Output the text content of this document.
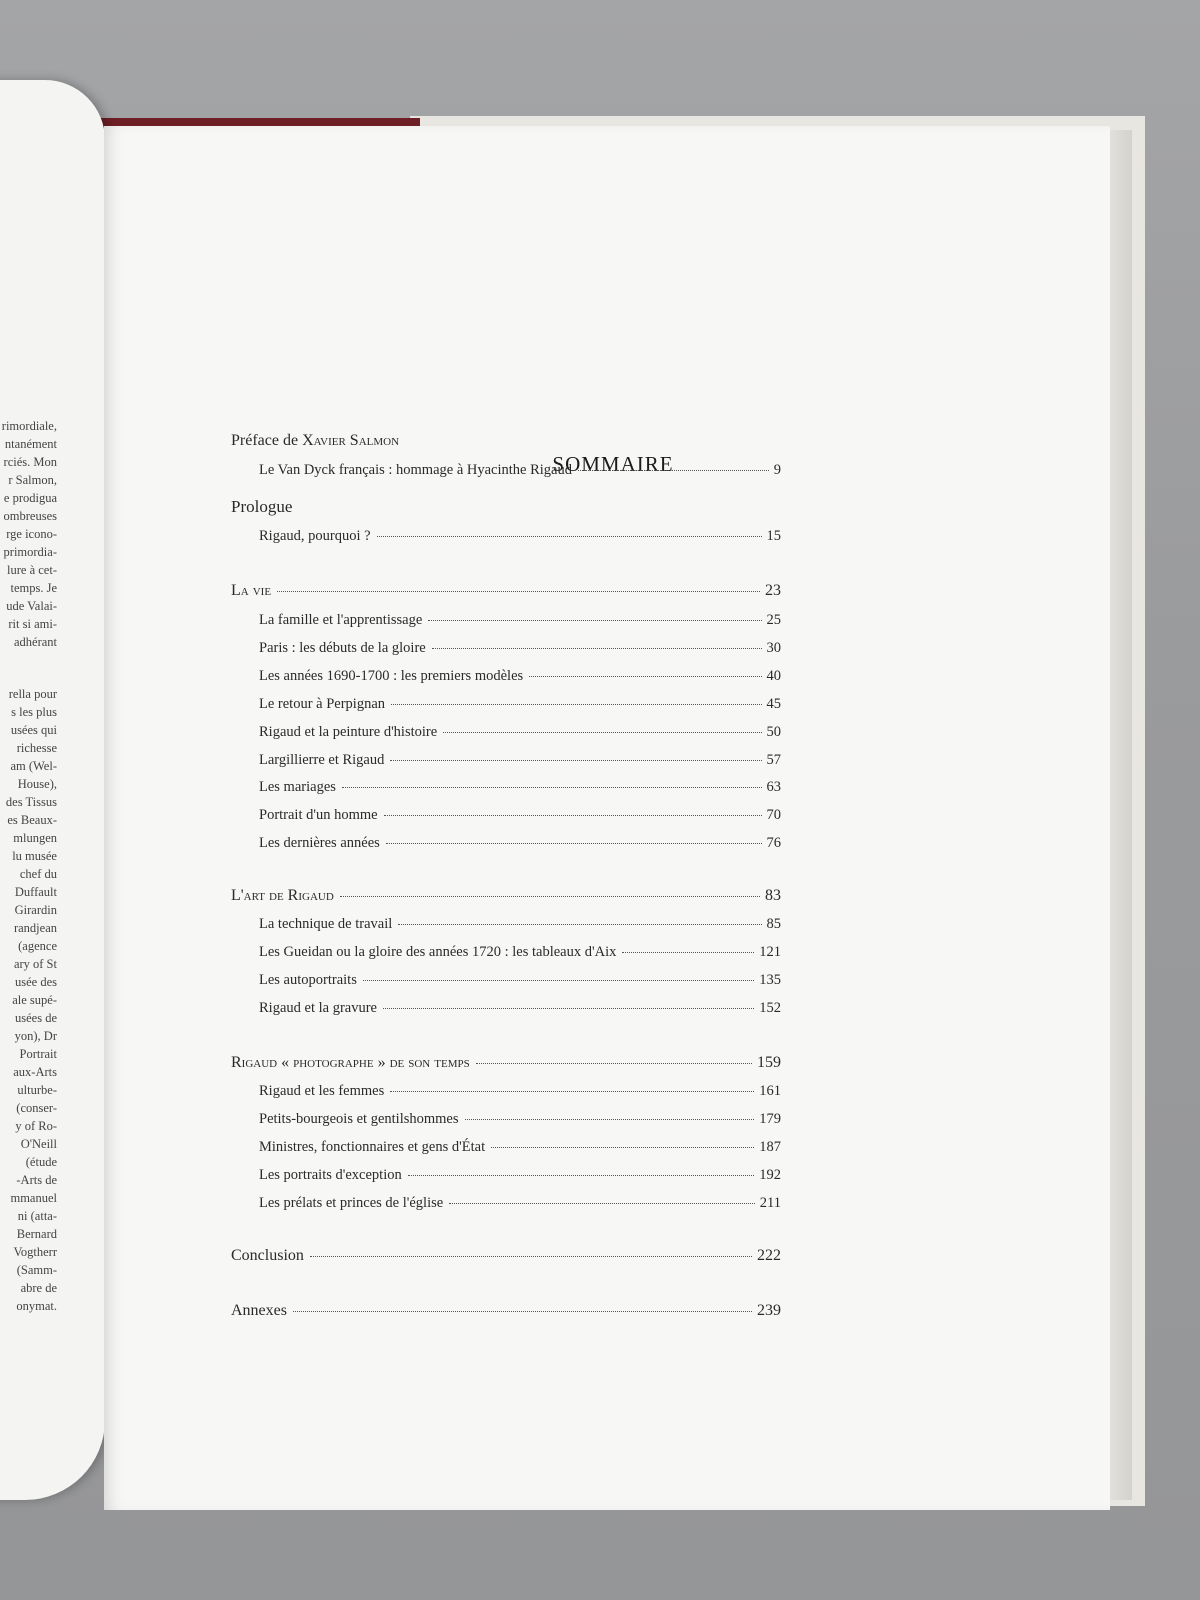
rimordiale,
ntanément
rciés. Mon
r Salmon,
e prodigua
ombreuses
rge icono-
primordia-
lure à cet-
temps. Je
ude Valai-
rit si ami-
adhérant
rella pour
s les plus
usées qui
richesse
am (Wel-
House),
des Tissus
es Beaux-
mlungen
lu musée
chef du
Duffault
Girardin
randjean
(agence
ary of St
usée des
ale supé-
usées de
yon), Dr
Portrait
aux-Arts
ulturbe-
(conser-
y of Ro-
O'Neill
(étude
-Arts de
mmanuel
ni (atta-
Bernard
Vogtherr
(Samm-
abre de
onymat.
SOMMAIRE
Préface de Xavier Salmon
Le Van Dyck français : hommage à Hyacinthe Rigaud	9
Prologue
Rigaud, pourquoi ?	15
La vie	23
La famille et l'apprentissage	25
Paris : les débuts de la gloire	30
Les années 1690-1700 : les premiers modèles	40
Le retour à Perpignan	45
Rigaud et la peinture d'histoire	50
Largillierre et Rigaud	57
Les mariages	63
Portrait d'un homme	70
Les dernières années	76
L'art de Rigaud	83
La technique de travail	85
Les Gueidan ou la gloire des années 1720 : les tableaux d'Aix	121
Les autoportraits	135
Rigaud et la gravure	152
Rigaud « photographe » de son temps	159
Rigaud et les femmes	161
Petits-bourgeois et gentilshommes	179
Ministres, fonctionnaires et gens d'État	187
Les portraits d'exception	192
Les prélats et princes de l'église	211
Conclusion	222
Annexes	239
